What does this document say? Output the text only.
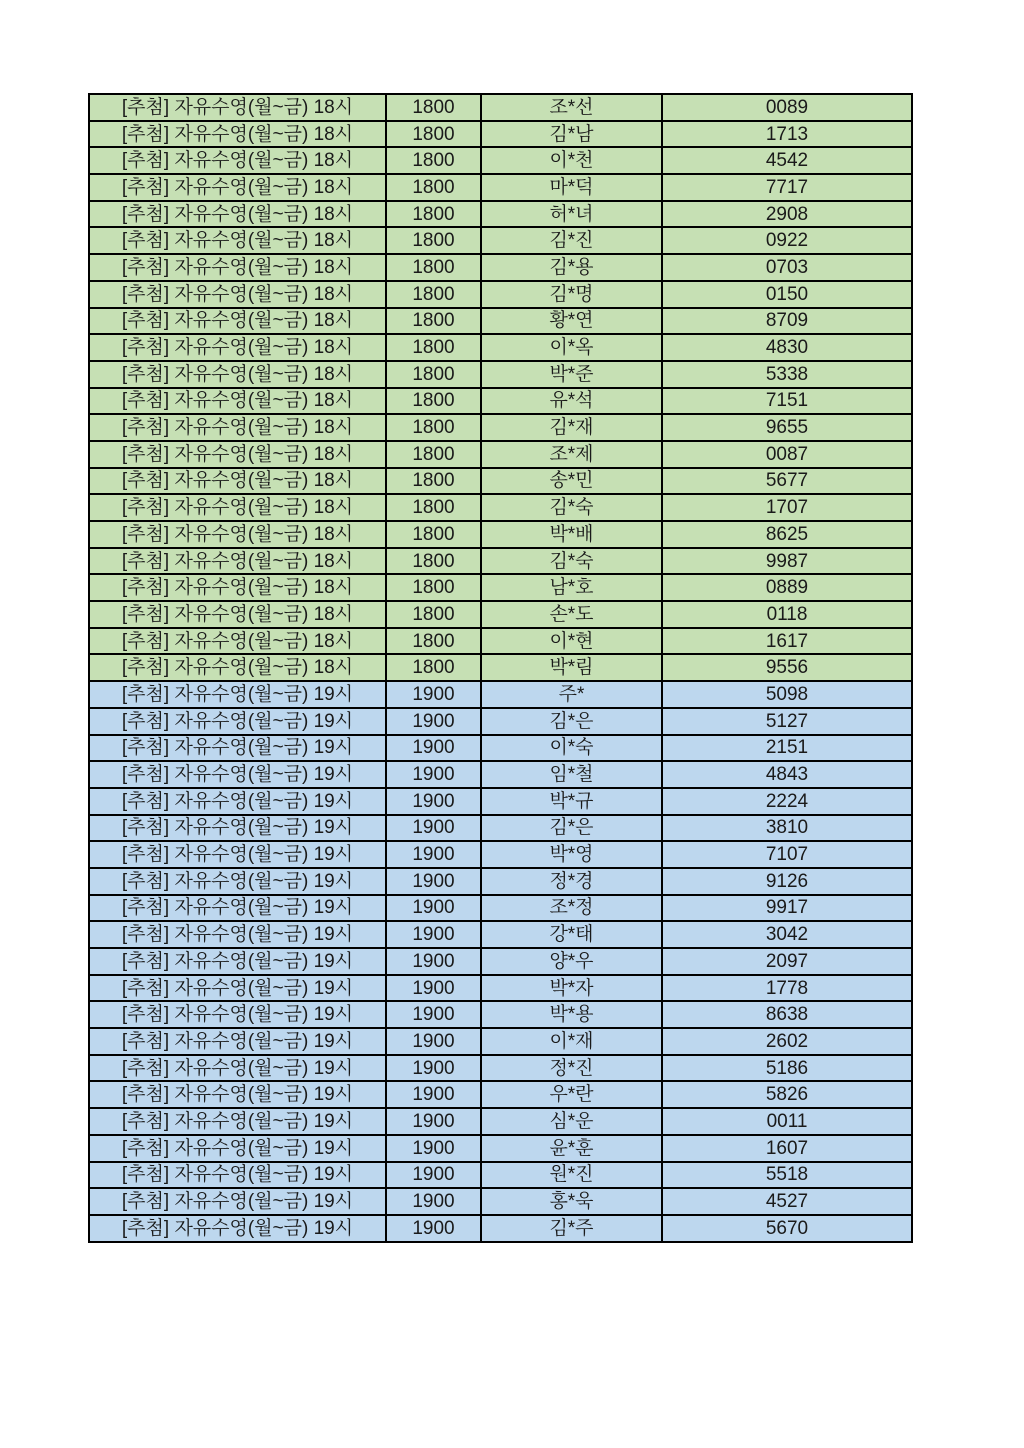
[추첨] 자유수영(월~금) 18시	1800	조*선	0089
[추첨] 자유수영(월~금) 18시	1800	김*남	1713
[추첨] 자유수영(월~금) 18시	1800	이*천	4542
[추첨] 자유수영(월~금) 18시	1800	마*덕	7717
[추첨] 자유수영(월~금) 18시	1800	허*녀	2908
[추첨] 자유수영(월~금) 18시	1800	김*진	0922
[추첨] 자유수영(월~금) 18시	1800	김*용	0703
[추첨] 자유수영(월~금) 18시	1800	김*명	0150
[추첨] 자유수영(월~금) 18시	1800	황*연	8709
[추첨] 자유수영(월~금) 18시	1800	이*옥	4830
[추첨] 자유수영(월~금) 18시	1800	박*준	5338
[추첨] 자유수영(월~금) 18시	1800	유*석	7151
[추첨] 자유수영(월~금) 18시	1800	김*재	9655
[추첨] 자유수영(월~금) 18시	1800	조*제	0087
[추첨] 자유수영(월~금) 18시	1800	송*민	5677
[추첨] 자유수영(월~금) 18시	1800	김*숙	1707
[추첨] 자유수영(월~금) 18시	1800	박*배	8625
[추첨] 자유수영(월~금) 18시	1800	김*숙	9987
[추첨] 자유수영(월~금) 18시	1800	남*호	0889
[추첨] 자유수영(월~금) 18시	1800	손*도	0118
[추첨] 자유수영(월~금) 18시	1800	이*현	1617
[추첨] 자유수영(월~금) 18시	1800	박*림	9556
[추첨] 자유수영(월~금) 19시	1900	주*	5098
[추첨] 자유수영(월~금) 19시	1900	김*은	5127
[추첨] 자유수영(월~금) 19시	1900	이*숙	2151
[추첨] 자유수영(월~금) 19시	1900	임*철	4843
[추첨] 자유수영(월~금) 19시	1900	박*규	2224
[추첨] 자유수영(월~금) 19시	1900	김*은	3810
[추첨] 자유수영(월~금) 19시	1900	박*영	7107
[추첨] 자유수영(월~금) 19시	1900	정*경	9126
[추첨] 자유수영(월~금) 19시	1900	조*정	9917
[추첨] 자유수영(월~금) 19시	1900	강*태	3042
[추첨] 자유수영(월~금) 19시	1900	양*우	2097
[추첨] 자유수영(월~금) 19시	1900	박*자	1778
[추첨] 자유수영(월~금) 19시	1900	박*용	8638
[추첨] 자유수영(월~금) 19시	1900	이*재	2602
[추첨] 자유수영(월~금) 19시	1900	정*진	5186
[추첨] 자유수영(월~금) 19시	1900	우*란	5826
[추첨] 자유수영(월~금) 19시	1900	심*운	0011
[추첨] 자유수영(월~금) 19시	1900	윤*훈	1607
[추첨] 자유수영(월~금) 19시	1900	원*진	5518
[추첨] 자유수영(월~금) 19시	1900	홍*욱	4527
[추첨] 자유수영(월~금) 19시	1900	김*주	5670
